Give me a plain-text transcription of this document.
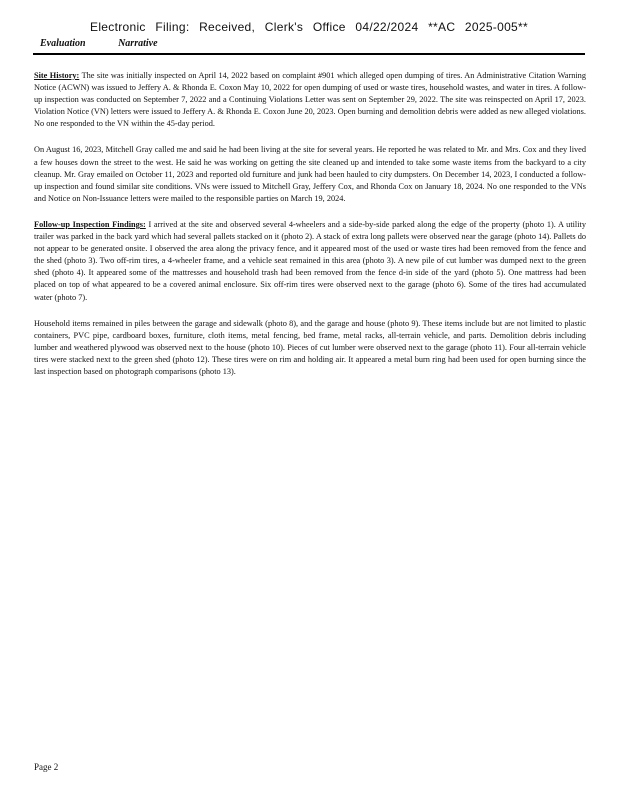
Electronic Filing: Received, Clerk's Office 04/22/2024 **AC 2025-005**
Evaluation	Narrative

Site History: The site was initially inspected on April 14, 2022 based on complaint #901 which alleged open dumping of tires. An Administrative Citation Warning Notice (ACWN) was issued to Jeffery A. & Rhonda E. Coxon May 10, 2022 for open dumping of used or waste tires, household wastes, and water in tires. A follow-up inspection was conducted on September 7, 2022 and a Continuing Violations Letter was sent on September 29, 2022. The site was reinspected on April 17, 2023. Violation Notice (VN) letters were issued to Jeffery A. & Rhonda E. Coxon June 20, 2023. Open burning and demolition debris were added as new alleged violations. No one responded to the VN within the 45-day period.

On August 16, 2023, Mitchell Gray called me and said he had been living at the site for several years. He reported he was related to Mr. and Mrs. Cox and they lived a few houses down the street to the west. He said he was working on getting the site cleaned up and intended to take some waste items from the backyard to a city cleanup. Mr. Gray emailed on October 11, 2023 and reported old furniture and junk had been hauled to city dumpsters. On December 14, 2023, I conducted a follow-up inspection and found similar site conditions. VNs were issued to Mitchell Gray, Jeffery Cox, and Rhonda Cox on January 18, 2024. No one responded to the VNs and Notice on Non-Issuance letters were mailed to the responsible parties on March 19, 2024.

Follow-up Inspection Findings: I arrived at the site and observed several 4-wheelers and a side-by-side parked along the edge of the property (photo 1). A utility trailer was parked in the back yard which had several pallets stacked on it (photo 2). A stack of extra long pallets were observed near the garage (photo 14). Pallets do not appear to be generated onsite. I observed the area along the privacy fence, and it appeared most of the used or waste tires had been removed from the fence and the shed (photo 3). Two off-rim tires, a 4-wheeler frame, and a vehicle seat remained in this area (photo 3). A new pile of cut lumber was dumped next to the green shed (photo 4). It appeared some of the mattresses and household trash had been removed from the fence d-in side of the yard (photo 5). One mattress had been placed on top of what appeared to be a covered animal enclosure. Six off-rim tires were observed next to the garage (photo 6). Some of the tires had accumulated water (photo 7).

Household items remained in piles between the garage and sidewalk (photo 8), and the garage and house (photo 9). These items include but are not limited to plastic containers, PVC pipe, cardboard boxes, furniture, cloth items, metal fencing, bed frame, metal racks, all-terrain vehicle, and parts. Demolition debris including lumber and weathered plywood was observed next to the house (photo 10). Pieces of cut lumber were observed next to the garage (photo 11). Four all-terrain vehicle tires were stacked next to the green shed (photo 12). These tires were on rim and holding air. It appeared a metal burn ring had been used for open burning since the last inspection based on photograph comparisons (photo 13).

Page 2
